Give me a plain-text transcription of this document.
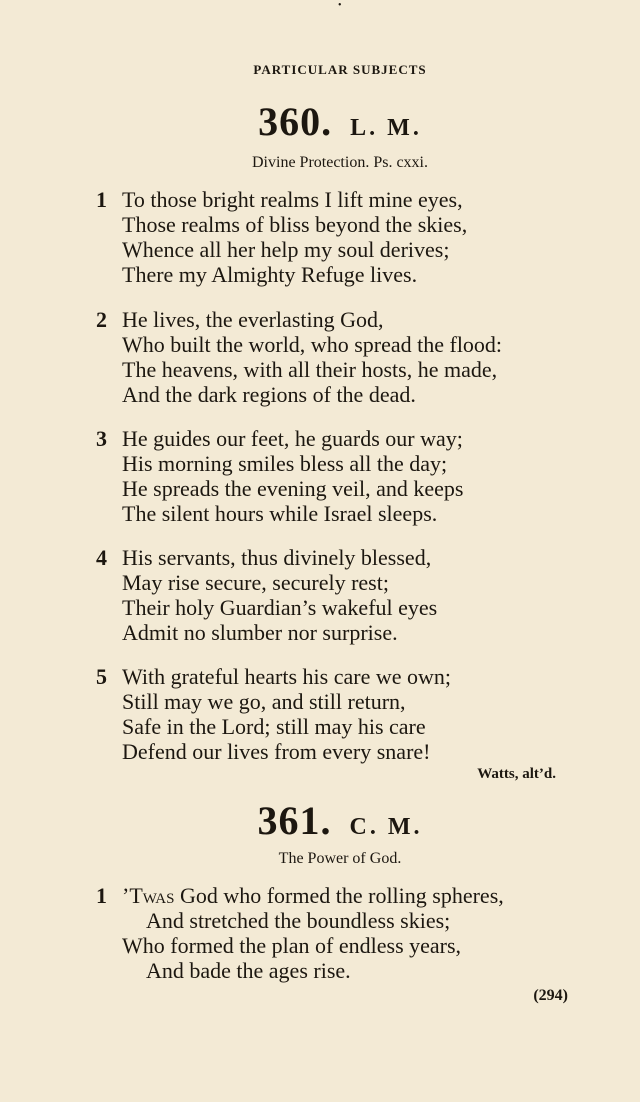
•
PARTICULAR SUBJECTS
360. L. M.
Divine Protection. Ps. cxxi.
1 To those bright realms I lift mine eyes,
Those realms of bliss beyond the skies,
Whence all her help my soul derives;
There my Almighty Refuge lives.
2 He lives, the everlasting God,
Who built the world, who spread the flood:
The heavens, with all their hosts, he made,
And the dark regions of the dead.
3 He guides our feet, he guards our way;
His morning smiles bless all the day;
He spreads the evening veil, and keeps
The silent hours while Israel sleeps.
4 His servants, thus divinely blessed,
May rise secure, securely rest;
Their holy Guardian’s wakeful eyes
Admit no slumber nor surprise.
5 With grateful hearts his care we own;
Still may we go, and still return,
Safe in the Lord; still may his care
Defend our lives from every snare!
Watts, alt’d.
361. C. M.
The Power of God.
1 ’Twas God who formed the rolling spheres,
And stretched the boundless skies;
Who formed the plan of endless years,
And bade the ages rise.
(294)
